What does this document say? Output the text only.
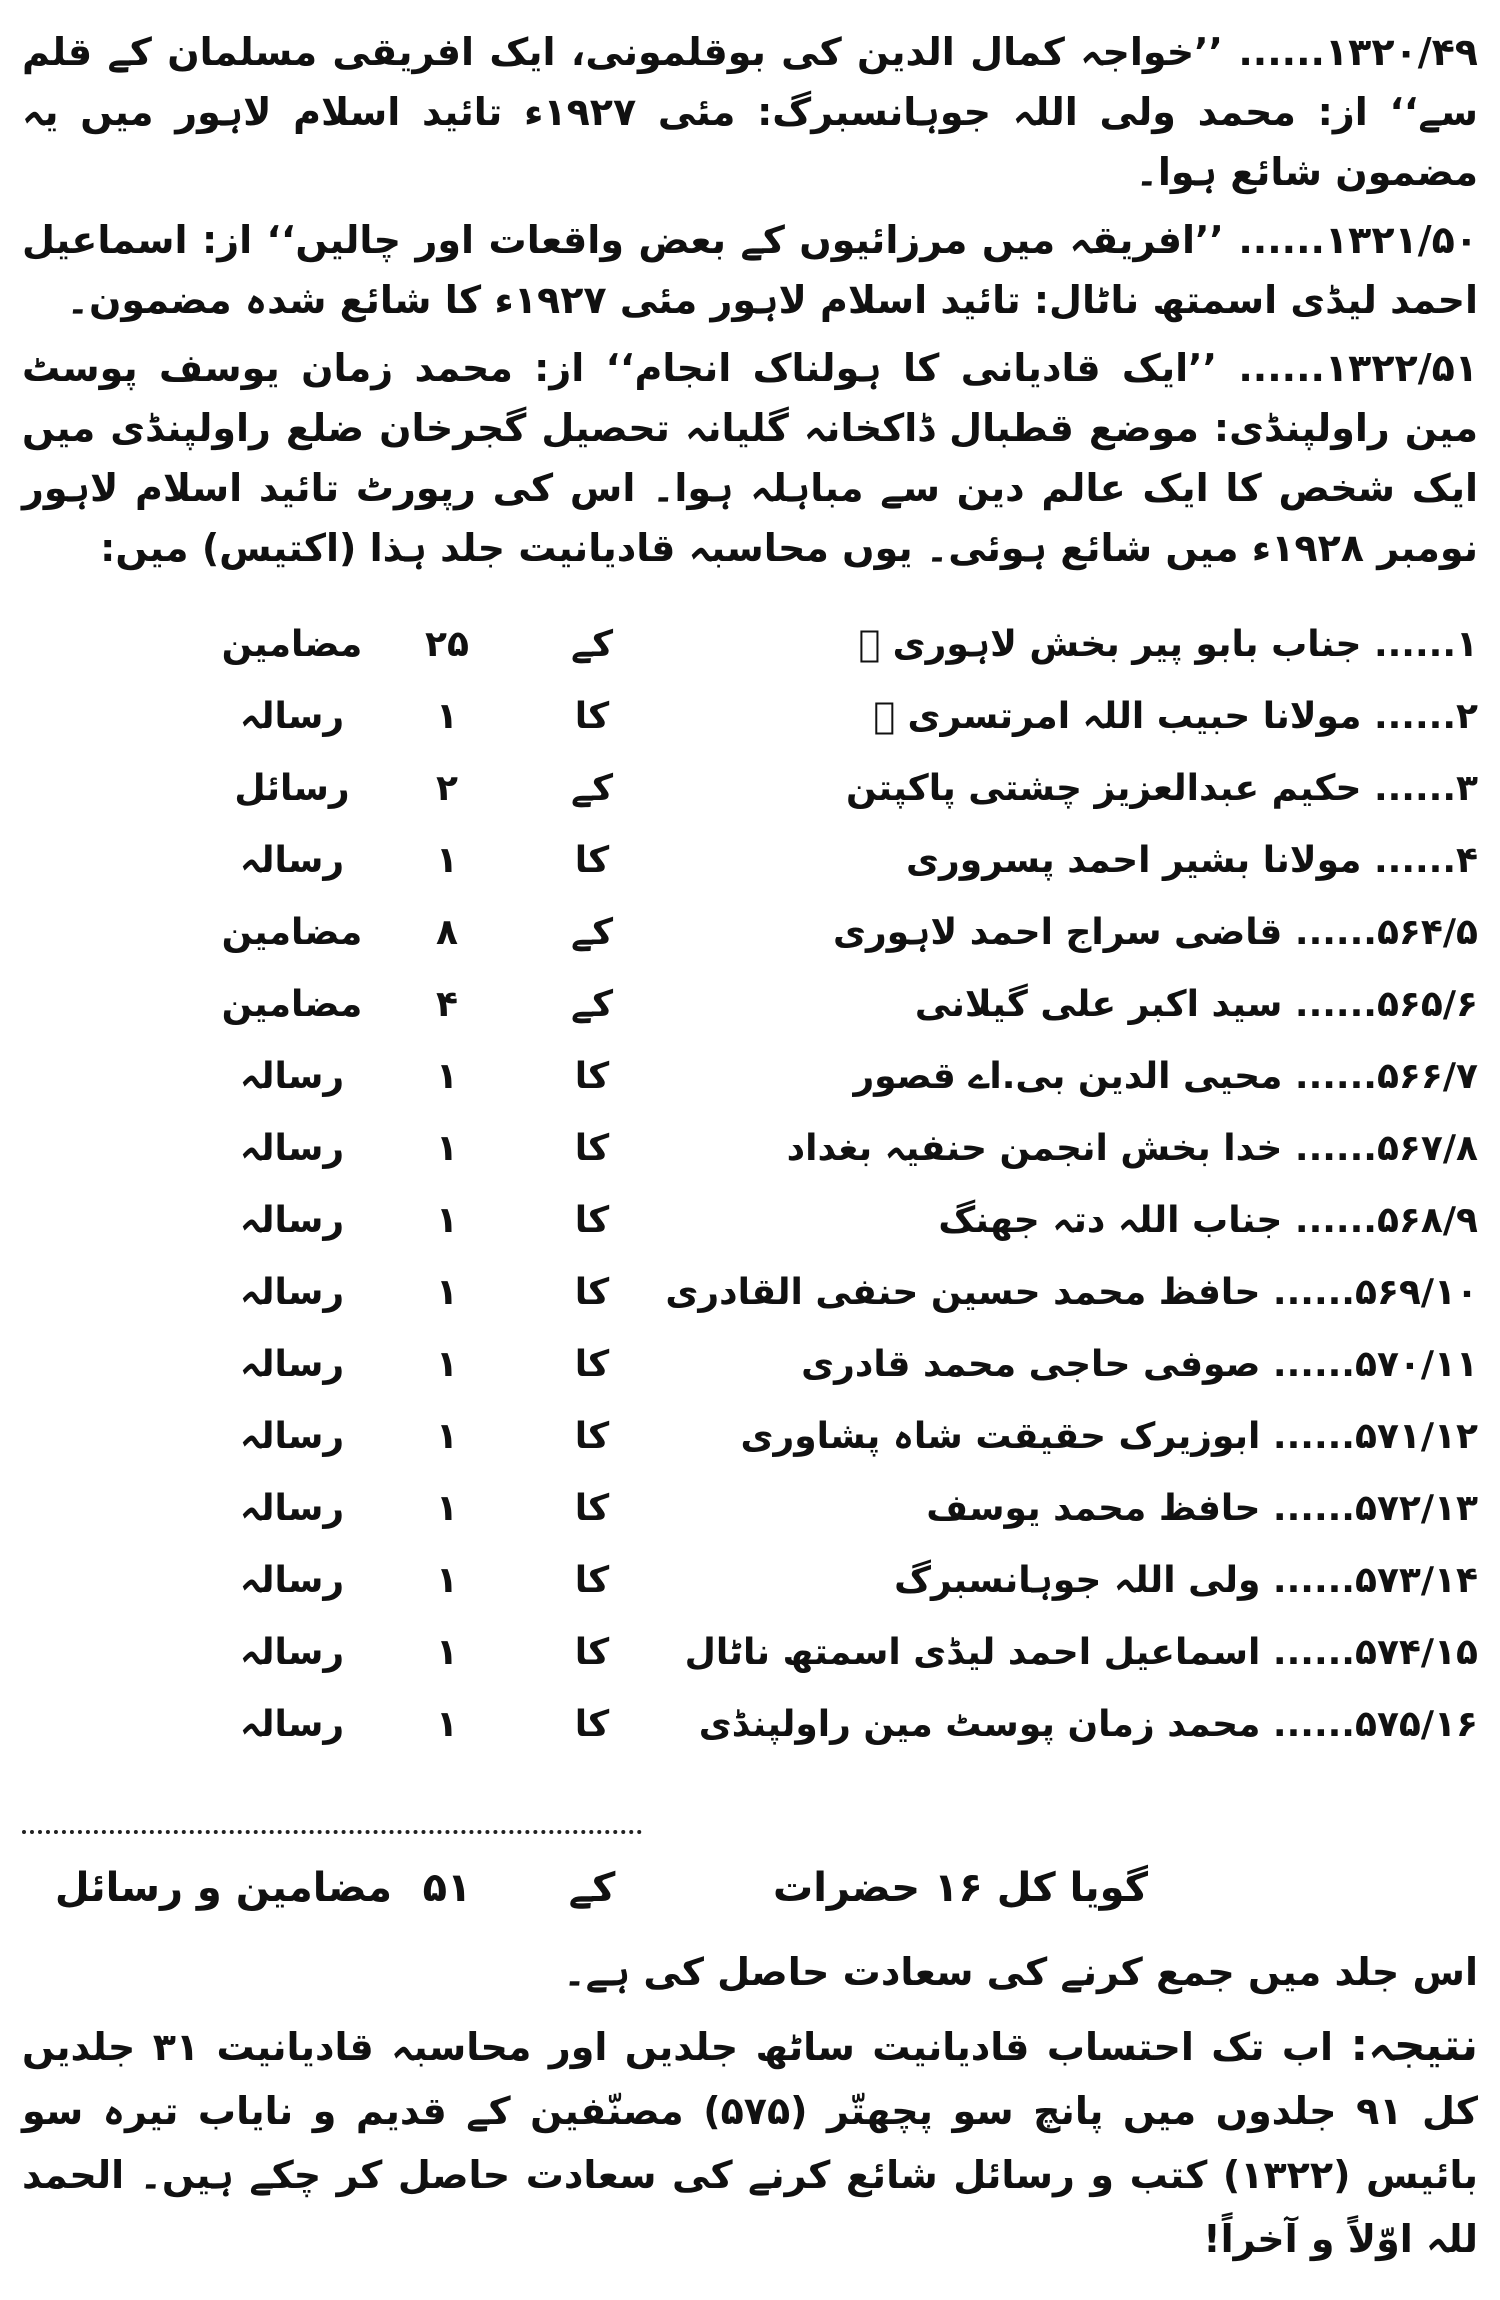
۱۳۲۰/۴۹...... ’’خواجہ کمال الدین کی بوقلمونی، ایک افریقی مسلمان کے قلم سے‘‘ از: محمد ولی اللہ جوہانسبرگ: مئی ۱۹۲۷ء تائید اسلام لاہور میں یہ مضمون شائع ہوا۔

۱۳۲۱/۵۰...... ’’افریقہ میں مرزائیوں کے بعض واقعات اور چالیں‘‘ از: اسماعیل احمد لیڈی اسمتھ ناٹال: تائید اسلام لاہور مئی ۱۹۲۷ء کا شائع شدہ مضمون۔

۱۳۲۲/۵۱...... ’’ایک قادیانی کا ہولناک انجام‘‘ از: محمد زمان یوسف پوسٹ مین راولپنڈی: موضع قطبال ڈاکخانہ گلیانہ تحصیل گجرخان ضلع راولپنڈی میں ایک شخص کا ایک عالم دین سے مباہلہ ہوا۔ اس کی رپورٹ تائید اسلام لاہور نومبر ۱۹۲۸ء میں شائع ہوئی۔ یوں محاسبہ قادیانیت جلد ہذا (اکتیس) میں:

۱...... جناب بابو پیر بخش لاہوری ﷫
کے
۲۵
مضامین
۲...... مولانا حبیب اللہ امرتسری ﷫
کا
۱
رسالہ
۳...... حکیم عبدالعزیز چشتی پاکپتن
کے
۲
رسائل
۴...... مولانا بشیر احمد پسروری
کا
۱
رسالہ
۵۶۴/۵...... قاضی سراج احمد لاہوری
کے
۸
مضامین
۵۶۵/۶...... سید اکبر علی گیلانی
کے
۴
مضامین
۵۶۶/۷...... محیی الدین بی.اے قصور
کا
۱
رسالہ
۵۶۷/۸...... خدا بخش انجمن حنفیہ بغداد
کا
۱
رسالہ
۵۶۸/۹...... جناب اللہ دتہ جھنگ
کا
۱
رسالہ
۵۶۹/۱۰...... حافظ محمد حسین حنفی القادری
کا
۱
رسالہ
۵۷۰/۱۱...... صوفی حاجی محمد قادری
کا
۱
رسالہ
۵۷۱/۱۲...... ابوزیرک حقیقت شاہ پشاوری
کا
۱
رسالہ
۵۷۲/۱۳...... حافظ محمد یوسف
کا
۱
رسالہ
۵۷۳/۱۴...... ولی اللہ جوہانسبرگ
کا
۱
رسالہ
۵۷۴/۱۵...... اسماعیل احمد لیڈی اسمتھ ناٹال
کا
۱
رسالہ
۵۷۵/۱۶...... محمد زمان پوسٹ مین راولپنڈی
کا
۱
رسالہ
گویا کل ۱۶ حضرات
کے
۵۱
مضامین و رسائل

اس جلد میں جمع کرنے کی سعادت حاصل کی ہے۔

نتیجہ: اب تک احتساب قادیانیت ساٹھ جلدیں اور محاسبہ قادیانیت ۳۱ جلدیں کل ۹۱ جلدوں میں پانچ سو پچھتّر (۵۷۵) مصنّفین کے قدیم و نایاب تیرہ سو بائیس (۱۳۲۲) کتب و رسائل شائع کرنے کی سعادت حاصل کر چکے ہیں۔ الحمد للہ اوّلاً و آخراً!
